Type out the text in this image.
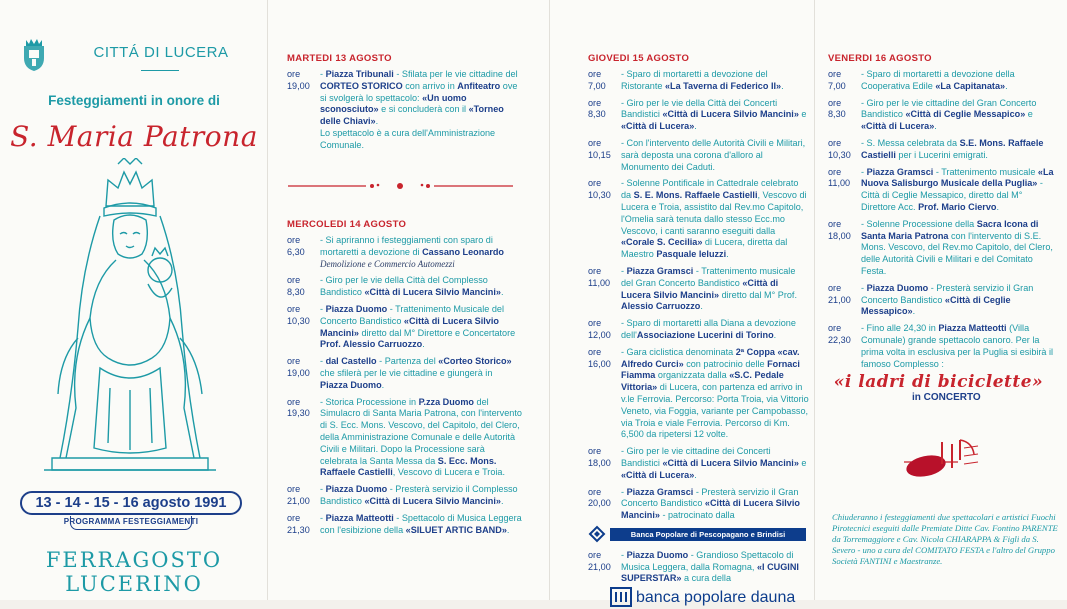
CITTÁ DI LUCERA
Festeggiamenti in onore di
S. Maria Patrona
13 - 14 - 15 - 16 agosto 1991
PROGRAMMA FESTEGGIAMENTI
FERRAGOSTO LUCERINO
MARTEDI 13 AGOSTO
ore 19,00
- Piazza Tribunali - Sfilata per le vie cittadine del CORTEO STORICO con arrivo in Anfiteatro ove si svolgerà lo spettacolo: «Un uomo sconosciuto» e si concluderà con il «Torneo delle Chiavi».
Lo spettacolo è a cura dell'Amministrazione Comunale.
MERCOLEDI 14 AGOSTO
ore 6,30
- Si apriranno i festeggiamenti con sparo di mortaretti a devozione di Cassano Leonardo Demolizione e Commercio Automezzi
ore 8,30
- Giro per le vie della Città del Complesso Bandistico «Città di Lucera Silvio Mancini».
ore 10,30
- Piazza Duomo - Trattenimento Musicale del Concerto Bandistico «Città di Lucera Silvio Mancini» diretto dal M° Direttore e Concertatore Prof. Alessio Carruozzo.
ore 19,00
- dal Castello - Partenza del «Corteo Storico» che sfilerà per le vie cittadine e giungerà in Piazza Duomo.
ore 19,30
- Storica Processione in P.zza Duomo del Simulacro di Santa Maria Patrona, con l'intervento di S. Ecc. Mons. Vescovo, del Capitolo, del Clero, della Amministrazione Comunale e delle Autorità Civili e Militari. Dopo la Processione sarà celebrata la Santa Messa da S. Ecc. Mons. Raffaele Castielli, Vescovo di Lucera e Troia.
ore 21,00
- Piazza Duomo - Presterà servizio il Complesso Bandistico «Città di Lucera Silvio Mancini».
ore 21,30
- Piazza Matteotti - Spettacolo di Musica Leggera con l'esibizione della «SILUET ARTIC BAND».
GIOVEDI 15 AGOSTO
ore 7,00
- Sparo di mortaretti a devozione del Ristorante «La Taverna di Federico II».
ore 8,30
- Giro per le vie della Città dei Concerti Bandistici «Città di Lucera Silvio Mancini» e «Città di Lucera».
ore 10,15
- Con l'intervento delle Autorità Civili e Militari, sarà deposta una corona d'alloro al Monumento dei Caduti.
ore 10,30
- Solenne Pontificale in Cattedrale celebrato da S. E. Mons. Raffaele Castielli, Vescovo di Lucera e Troia, assistito dal Rev.mo Capitolo, l'Omelia sarà tenuta dallo stesso Ecc.mo Vescovo, i canti saranno eseguiti dalla «Corale S. Cecilia» di Lucera, diretta dal Maestro Pasquale Ieluzzi.
ore 11,00
- Piazza Gramsci - Trattenimento musicale del Gran Concerto Bandistico «Città di Lucera Silvio Mancini» diretto dal M° Prof. Alessio Carruozzo.
ore 12,00
- Sparo di mortaretti alla Diana a devozione dell'Associazione Lucerini di Torino.
ore 16,00
- Gara ciclistica denominata 2ª Coppa «cav. Alfredo Curci» con patrocinio delle Fornaci Fiamma organizzata dalla «S.C. Pedale Vittoria» di Lucera, con partenza ed arrivo in v.le Ferrovia. Percorso: Porta Troia, via Vittorio Veneto, via Foggia, variante per Campobasso, via Troia e viale Ferrovia. Percorso di Km. 6,500 da ripetersi 12 volte.
ore 18,00
- Giro per le vie cittadine dei Concerti Bandistici «Città di Lucera Silvio Mancini» e «Città di Lucera».
ore 20,00
- Piazza Gramsci - Presterà servizio il Gran Concerto Bandistico «Città di Lucera Silvio Mancini» - patrocinato dalla
Banca Popolare di Pescopagano e Brindisi
ore 21,00
- Piazza Duomo - Grandioso Spettacolo di Musica Leggera, dalla Romagna, «I CUGINI SUPERSTAR» a cura della
banca popolare dauna
VENERDI 16 AGOSTO
ore 7,00
- Sparo di mortaretti a devozione della Cooperativa Edile «La Capitanata».
ore 8,30
- Giro per le vie cittadine del Gran Concerto Bandistico «Città di Ceglie Messapico» e «Città di Lucera».
ore 10,30
- S. Messa celebrata da S.E. Mons. Raffaele Castielli per i Lucerini emigrati.
ore 11,00
- Piazza Gramsci - Trattenimento musicale «La Nuova Salisburgo Musicale della Puglia» - Città di Ceglie Messapico, diretto dal M° Direttore Acc. Prof. Mario Ciervo.
ore 18,00
- Solenne Processione della Sacra Icona di Santa Maria Patrona con l'intervento di S.E. Mons. Vescovo, del Rev.mo Capitolo, del Clero, delle Autorità Civili e Militari e del Comitato Festa.
ore 21,00
- Piazza Duomo - Presterà servizio il Gran Concerto Bandistico «Città di Ceglie Messapico».
ore 22,30
- Fino alle 24,30 in Piazza Matteotti (Villa Comunale) grande spettacolo canoro. Per la prima volta in esclusiva per la Puglia si esibirà il famoso Complesso :
«i ladri di biciclette»
in CONCERTO
Chiuderanno i festeggiamenti due spettacolari e artistici Fuochi Pirotecnici eseguiti dalle Premiate Ditte Cav. Fontino PARENTE da Torremaggiore e Cav. Nicola CHIARAPPA & Figli da S. Severo - uno a cura del COMITATO FESTA e l'altro del Gruppo Società FANTINI e Maestranze.
